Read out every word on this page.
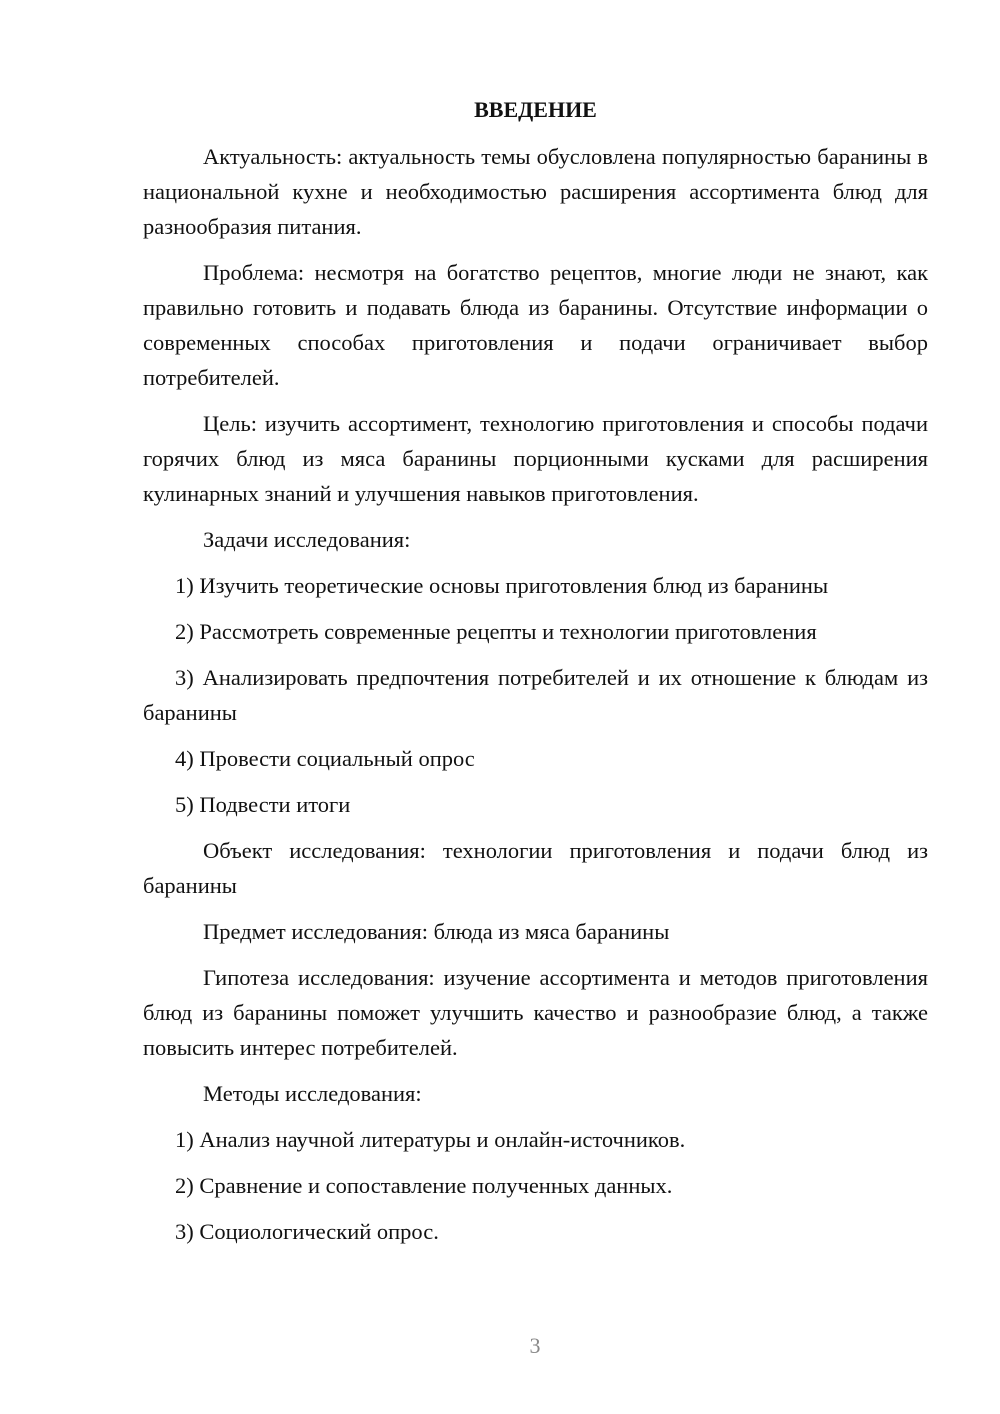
ВВЕДЕНИЕ

Актуальность: актуальность темы обусловлена популярностью баранины в национальной кухне и необходимостью расширения ассортимента блюд для разнообразия питания.

Проблема: несмотря на богатство рецептов, многие люди не знают, как правильно готовить и подавать блюда из баранины. Отсутствие информации о современных способах приготовления и подачи ограничивает выбор потребителей.

Цель: изучить ассортимент, технологию приготовления и способы подачи горячих блюд из мяса баранины порционными кусками для расширения кулинарных знаний и улучшения навыков приготовления.

Задачи исследования:

1) Изучить теоретические основы приготовления блюд из баранины

2) Рассмотреть современные рецепты и технологии приготовления

3) Анализировать предпочтения потребителей и их отношение к блюдам из баранины

4) Провести социальный опрос

5) Подвести итоги

Объект исследования: технологии приготовления и подачи блюд из баранины

Предмет исследования: блюда из мяса баранины

Гипотеза исследования: изучение ассортимента и методов приготовления блюд из баранины поможет улучшить качество и разнообразие блюд, а также повысить интерес потребителей.

Методы исследования:

1) Анализ научной литературы и онлайн-источников.

2) Сравнение и сопоставление полученных данных.

3) Социологический опрос.

3
